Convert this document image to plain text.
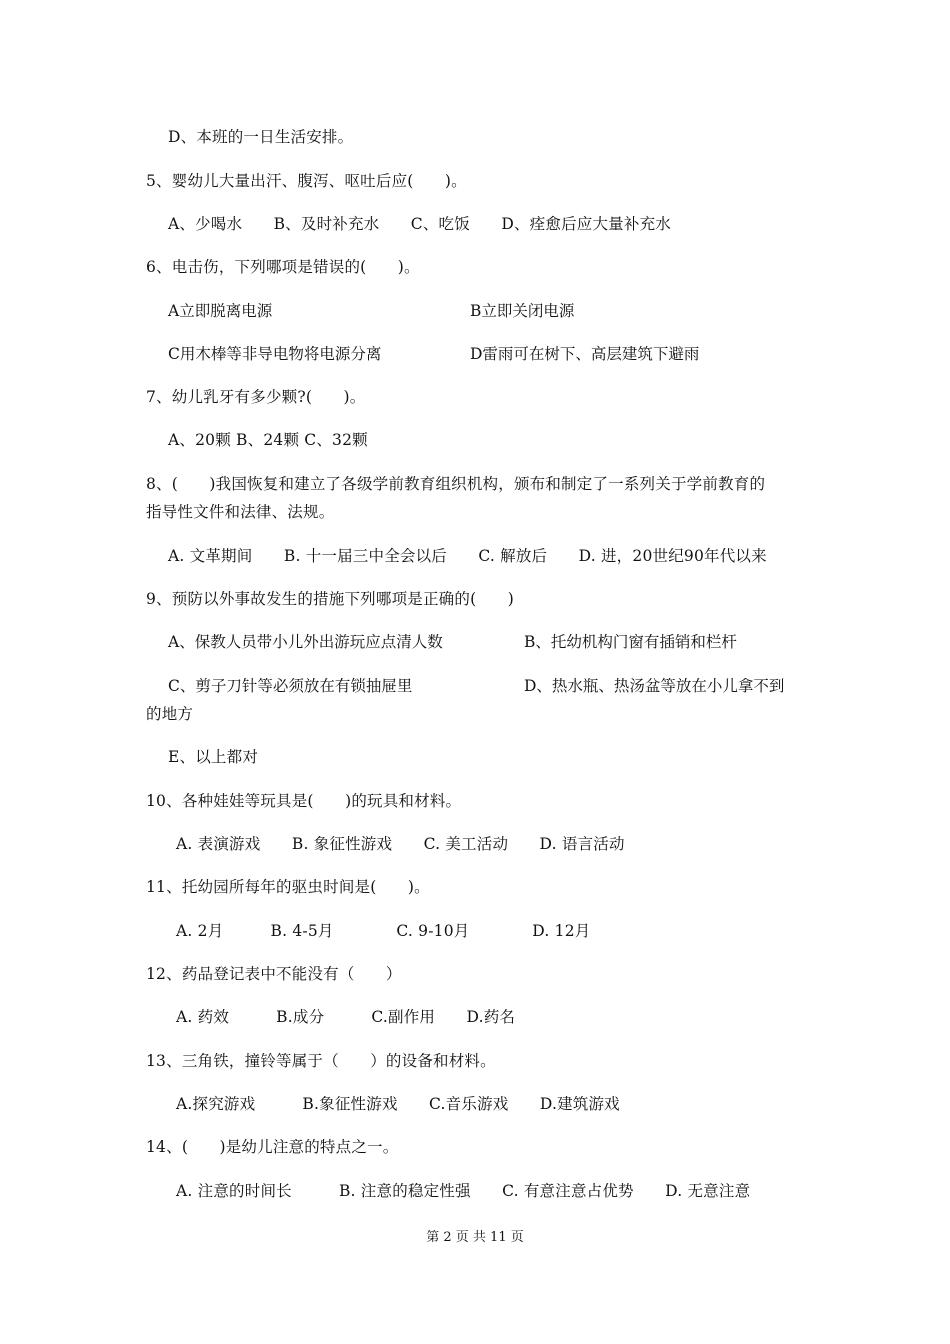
D、本班的一日生活安排。
5、婴幼儿大量出汗、腹泻、呕吐后应(　　)。
A、少喝水　　B、及时补充水　　C、吃饭　　D、痊愈后应大量补充水
6、电击伤，下列哪项是错误的(　　)。
A立即脱离电源	B立即关闭电源
C用木棒等非导电物将电源分离	D雷雨可在树下、高层建筑下避雨
7、幼儿乳牙有多少颗?(　　)。
A、20颗 B、24颗 C、32颗
8、(　　)我国恢复和建立了各级学前教育组织机构，颁布和制定了一系列关于学前教育的
指导性文件和法律、法规。
A. 文革期间　　B. 十一届三中全会以后　　C. 解放后　　D. 进，20世纪90年代以来
9、预防以外事故发生的措施下列哪项是正确的(　　)
A、保教人员带小儿外出游玩应点清人数	B、托幼机构门窗有插销和栏杆
C、剪子刀针等必须放在有锁抽屉里	D、热水瓶、热汤盆等放在小儿拿不到
的地方
E、以上都对
10、各种娃娃等玩具是(　　)的玩具和材料。
A. 表演游戏　　B. 象征性游戏　　C. 美工活动　　D. 语言活动
11、托幼园所每年的驱虫时间是(　　)。
A. 2月　　　B. 4-5月　　　　C. 9-10月　　　　D. 12月
12、药品登记表中不能没有（　　）
A. 药效　　　B.成分　　　C.副作用　　D.药名
13、三角铁，撞铃等属于（　　）的设备和材料。
A.探究游戏　　　B.象征性游戏　　C.音乐游戏　　D.建筑游戏
14、(　　)是幼儿注意的特点之一。
A. 注意的时间长　　　B. 注意的稳定性强　　C. 有意注意占优势　　D. 无意注意
第 2 页 共 11 页
